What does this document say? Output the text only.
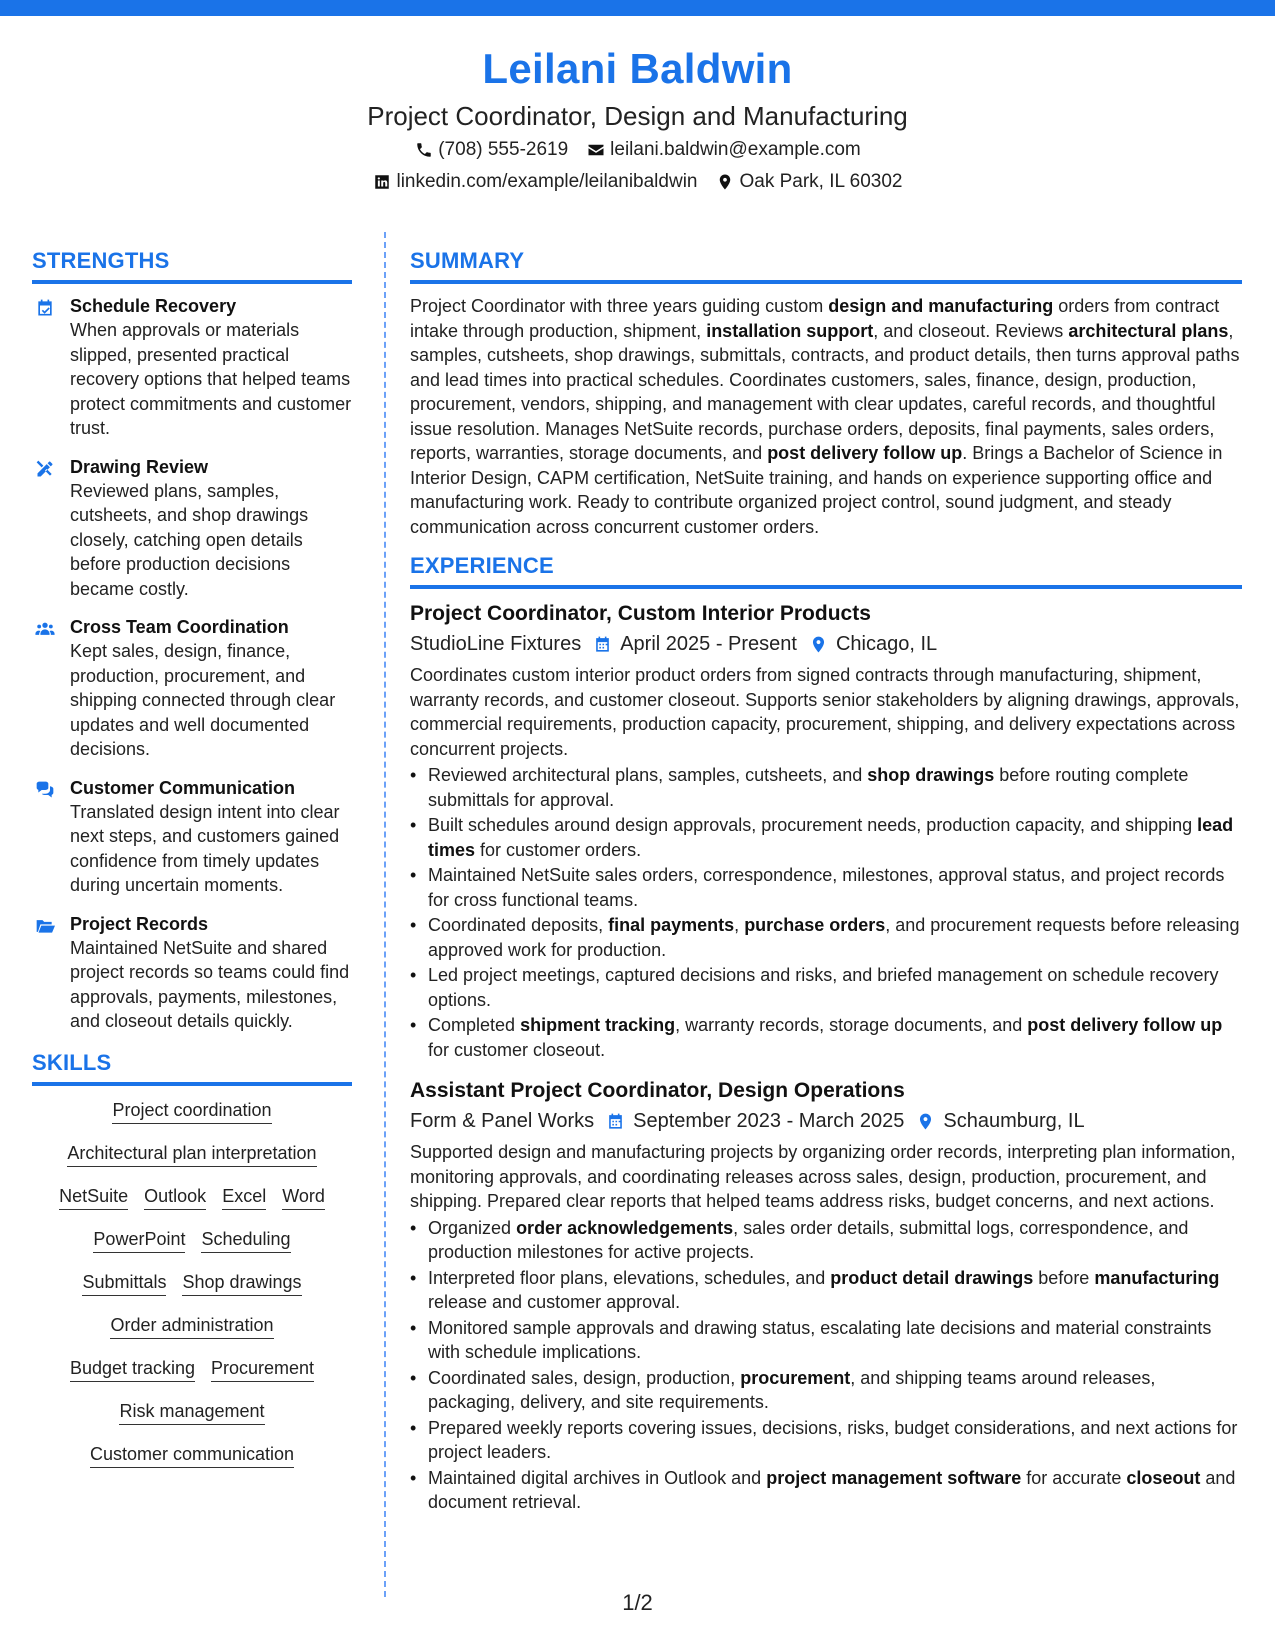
Leilani Baldwin
Project Coordinator, Design and Manufacturing
(708) 555-2619 leilani.baldwin@example.com
linkedin.com/example/leilanibaldwin Oak Park, IL 60302
STRENGTHS
Schedule Recovery
When approvals or materials slipped, presented practical recovery options that helped teams protect commitments and customer trust.
Drawing Review
Reviewed plans, samples, cutsheets, and shop drawings closely, catching open details before production decisions became costly.
Cross Team Coordination
Kept sales, design, finance, production, procurement, and shipping connected through clear updates and well documented decisions.
Customer Communication
Translated design intent into clear next steps, and customers gained confidence from timely updates during uncertain moments.
Project Records
Maintained NetSuite and shared project records so teams could find approvals, payments, milestones, and closeout details quickly.
SKILLS
Project coordination
Architectural plan interpretation
NetSuite Outlook Excel Word
PowerPoint Scheduling
Submittals Shop drawings
Order administration
Budget tracking Procurement
Risk management
Customer communication
SUMMARY
Project Coordinator with three years guiding custom design and manufacturing orders from contract intake through production, shipment, installation support, and closeout. Reviews architectural plans, samples, cutsheets, shop drawings, submittals, contracts, and product details, then turns approval paths and lead times into practical schedules. Coordinates customers, sales, finance, design, production, procurement, vendors, shipping, and management with clear updates, careful records, and thoughtful issue resolution. Manages NetSuite records, purchase orders, deposits, final payments, sales orders, reports, warranties, storage documents, and post delivery follow up. Brings a Bachelor of Science in Interior Design, CAPM certification, NetSuite training, and hands on experience supporting office and manufacturing work. Ready to contribute organized project control, sound judgment, and steady communication across concurrent customer orders.
EXPERIENCE
Project Coordinator, Custom Interior Products
StudioLine Fixtures April 2025 - Present Chicago, IL
Coordinates custom interior product orders from signed contracts through manufacturing, shipment, warranty records, and customer closeout. Supports senior stakeholders by aligning drawings, approvals, commercial requirements, production capacity, procurement, shipping, and delivery expectations across concurrent projects.
• Reviewed architectural plans, samples, cutsheets, and shop drawings before routing complete submittals for approval.
• Built schedules around design approvals, procurement needs, production capacity, and shipping lead times for customer orders.
• Maintained NetSuite sales orders, correspondence, milestones, approval status, and project records for cross functional teams.
• Coordinated deposits, final payments, purchase orders, and procurement requests before releasing approved work for production.
• Led project meetings, captured decisions and risks, and briefed management on schedule recovery options.
• Completed shipment tracking, warranty records, storage documents, and post delivery follow up for customer closeout.
Assistant Project Coordinator, Design Operations
Form & Panel Works September 2023 - March 2025 Schaumburg, IL
Supported design and manufacturing projects by organizing order records, interpreting plan information, monitoring approvals, and coordinating releases across sales, design, production, procurement, and shipping. Prepared clear reports that helped teams address risks, budget concerns, and next actions.
• Organized order acknowledgements, sales order details, submittal logs, correspondence, and production milestones for active projects.
• Interpreted floor plans, elevations, schedules, and product detail drawings before manufacturing release and customer approval.
• Monitored sample approvals and drawing status, escalating late decisions and material constraints with schedule implications.
• Coordinated sales, design, production, procurement, and shipping teams around releases, packaging, delivery, and site requirements.
• Prepared weekly reports covering issues, decisions, risks, budget considerations, and next actions for project leaders.
• Maintained digital archives in Outlook and project management software for accurate closeout and document retrieval.
1/2
